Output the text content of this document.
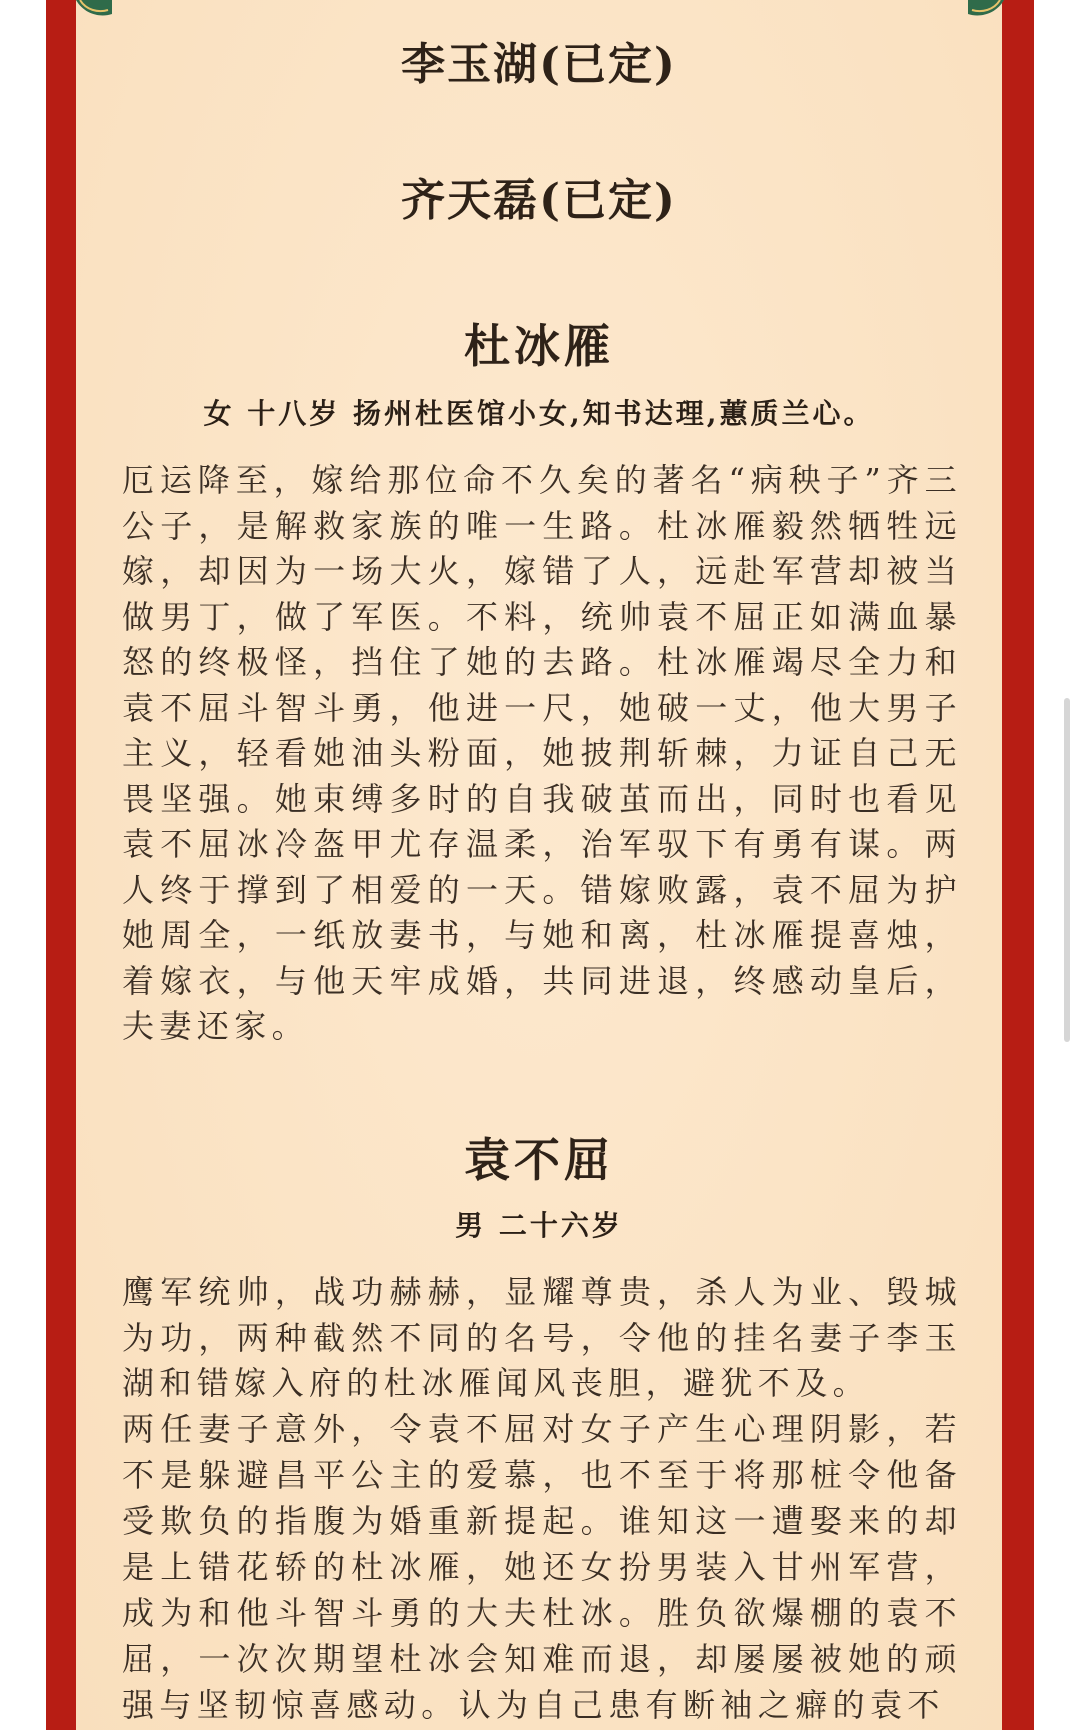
李玉湖(已定)
齐天磊(已定)
杜冰雁

女 十八岁 扬州杜医馆小女,知书达理,蕙质兰心。

厄运降至，嫁给那位命不久矣的著名“病秧子”齐三公子，是解救家族的唯一生路。杜冰雁毅然牺牲远嫁，却因为一场大火，嫁错了人，远赴军营却被当做男丁，做了军医。不料，统帅袁不屈正如满血暴怒的终极怪，挡住了她的去路。杜冰雁竭尽全力和袁不屈斗智斗勇，他进一尺，她破一丈，他大男子主义，轻看她油头粉面，她披荆斩棘，力证自己无畏坚强。她束缚多时的自我破茧而出，同时也看见袁不屈冰冷盔甲尤存温柔，治军驭下有勇有谋。两人终于撑到了相爱的一天。错嫁败露，袁不屈为护她周全，一纸放妻书，与她和离，杜冰雁提喜烛，着嫁衣，与他天牢成婚，共同进退，终感动皇后，夫妻还家。

袁不屈

男 二十六岁

鹰军统帅，战功赫赫，显耀尊贵，杀人为业、毁城为功，两种截然不同的名号，令他的挂名妻子李玉湖和错嫁入府的杜冰雁闻风丧胆，避犹不及。

两任妻子意外，令袁不屈对女子产生心理阴影，若不是躲避昌平公主的爱慕，也不至于将那桩令他备受欺负的指腹为婚重新提起。谁知这一遭娶来的却是上错花轿的杜冰雁，她还女扮男装入甘州军营，成为和他斗智斗勇的大夫杜冰。胜负欲爆棚的袁不屈，一次次期望杜冰会知难而退，却屡屡被她的顽强与坚韧惊喜感动。认为自己患有断袖之癖的袁不
